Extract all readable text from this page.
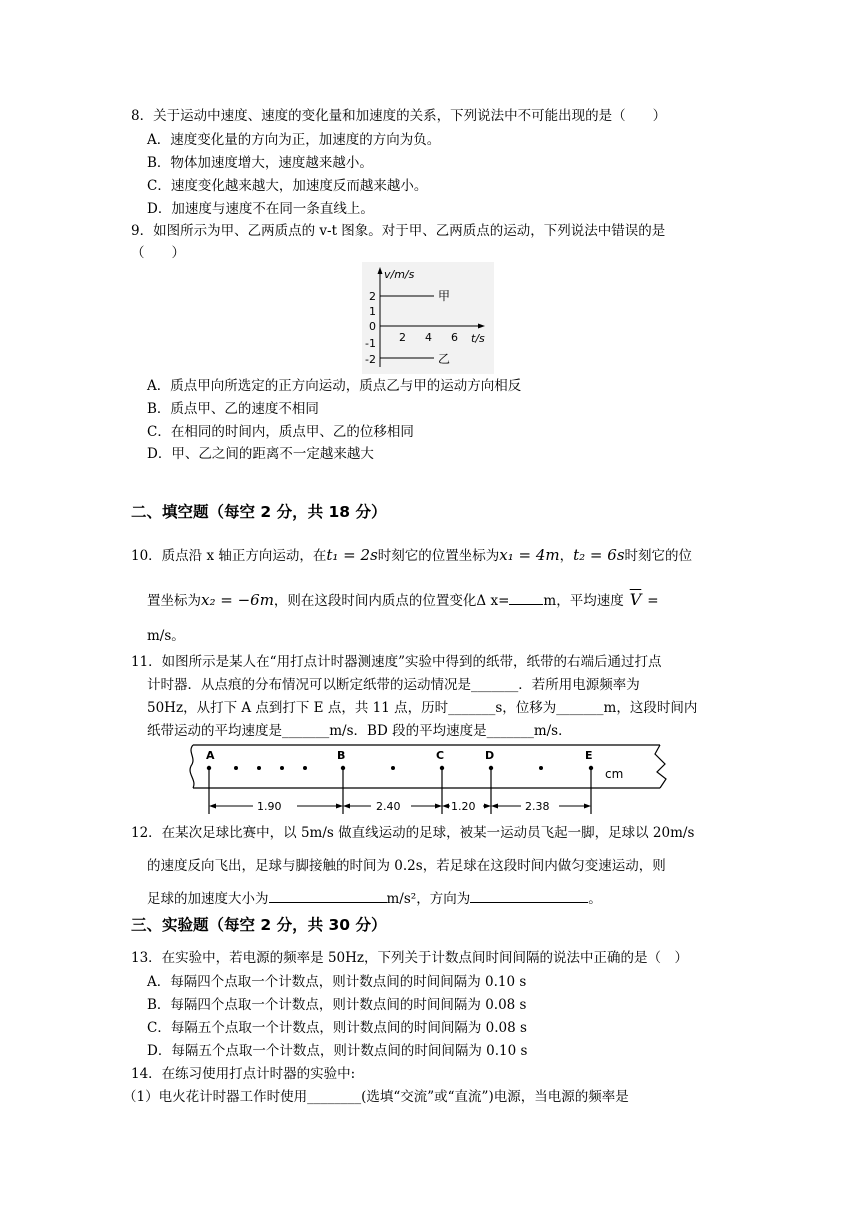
8．关于运动中速度、速度的变化量和加速度的关系，下列说法中不可能出现的是（　　）
A．速度变化量的方向为正，加速度的方向为负。
B．物体加速度增大，速度越来越小。
C．速度变化越来越大，加速度反而越来越小。
D．加速度与速度不在同一条直线上。
9．如图所示为甲、乙两质点的 v-t 图象。对于甲、乙两质点的运动，下列说法中错误的是
（　　）
v/m/s
t/s
2
1
0
-1
-2
2 4 6
甲
乙
A．质点甲向所选定的正方向运动，质点乙与甲的运动方向相反
B．质点甲、乙的速度不相同
C．在相同的时间内，质点甲、乙的位移相同
D．甲、乙之间的距离不一定越来越大
二、填空题（每空 2 分，共 18 分）
10．质点沿 x 轴正方向运动，在t₁ = 2s时刻它的位置坐标为x₁ = 4m，t₂ = 6s时刻它的位
置坐标为x₂ = −6m，则在这段时间内质点的位置变化Δ x=	m，平均速度 $\overline{V}$ =
m/s。
11．如图所示是某人在“用打点计时器测速度”实验中得到的纸带，纸带的右端后通过打点
计时器．从点痕的分布情况可以断定纸带的运动情况是_______．若所用电源频率为
50Hz，从打下 A 点到打下 E 点，共 11 点，历时_______s，位移为_______m，这段时间内
纸带运动的平均速度是_______m/s．BD 段的平均速度是_______m/s．
A	B	C	D	E
cm
1.90	2.40	1.20	2.38
12．在某次足球比赛中，以 5m/s 做直线运动的足球，被某一运动员飞起一脚，足球以 20m/s
的速度反向飞出，足球与脚接触的时间为 0.2s，若足球在这段时间内做匀变速运动，则
足球的加速度大小为	m/s²，方向为	。
三、实验题（每空 2 分，共 30 分）
13．在实验中，若电源的频率是 50Hz，下列关于计数点间时间间隔的说法中正确的是（　）
A．每隔四个点取一个计数点，则计数点间的时间间隔为 0.10 s
B．每隔四个点取一个计数点，则计数点间的时间间隔为 0.08 s
C．每隔五个点取一个计数点，则计数点间的时间间隔为 0.08 s
D．每隔五个点取一个计数点，则计数点间的时间间隔为 0.10 s
14．在练习使用打点计时器的实验中:
（1）电火花计时器工作时使用________(选填“交流”或“直流”)电源，当电源的频率是
